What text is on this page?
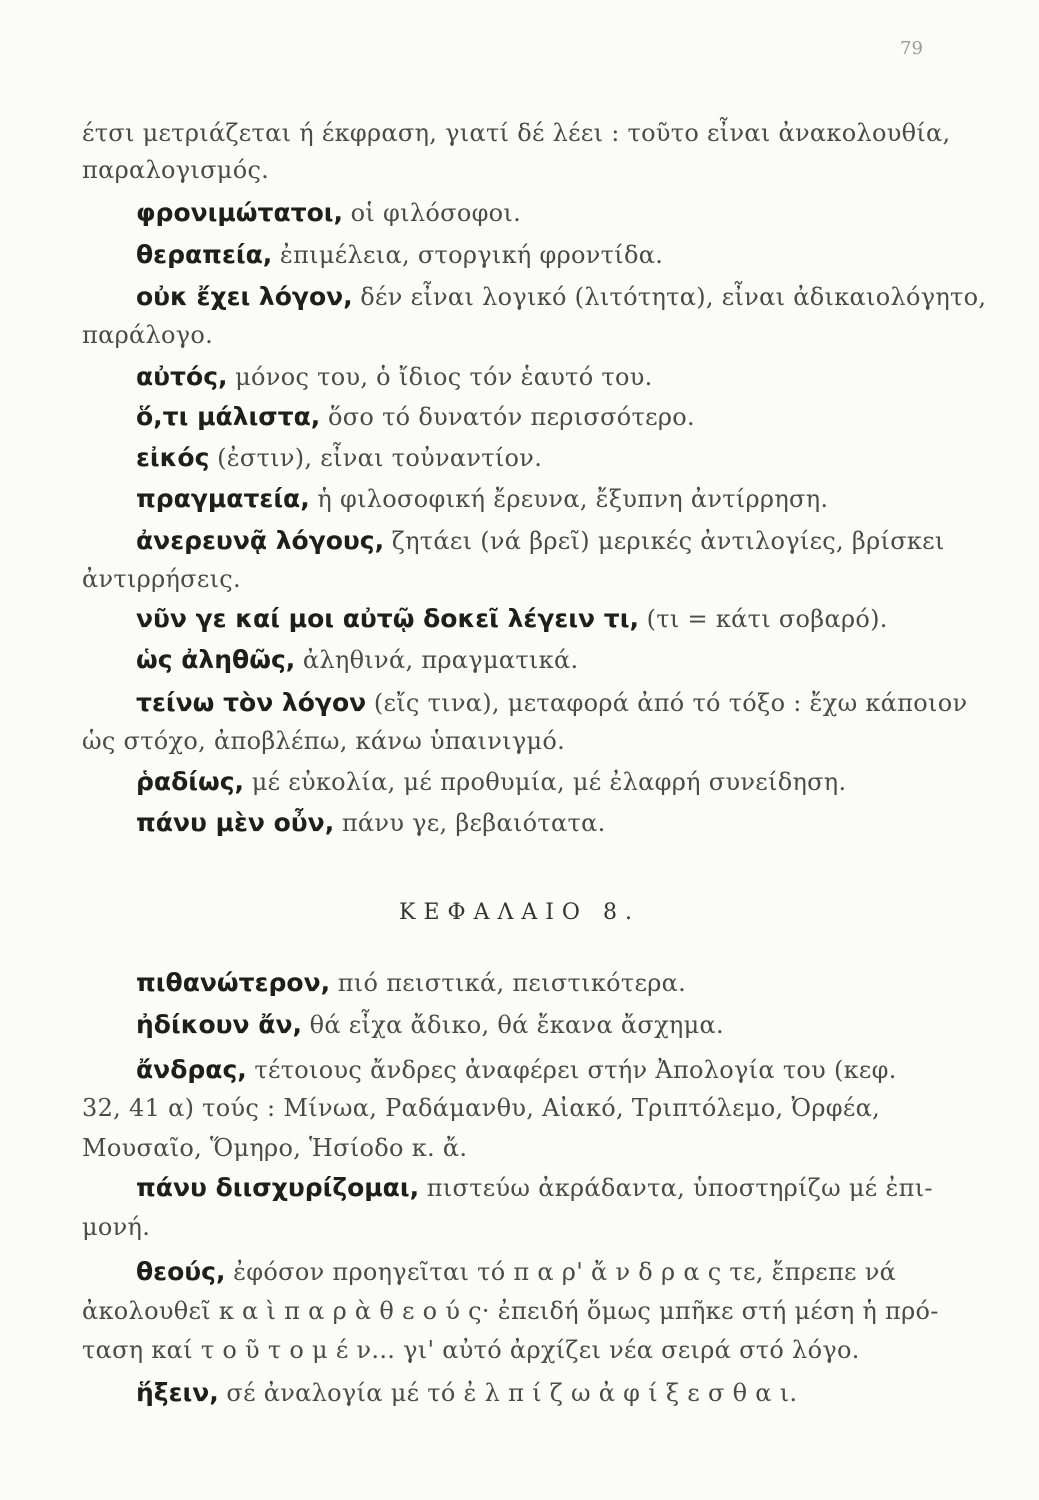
79
έτσι μετριάζεται ή έκφραση, γιατί δέ λέει : τοῦτο εἶναι ἀνακολουθία,
παραλογισμός.
φρονιμώτατοι, οἱ φιλόσοφοι.
θεραπεία, ἐπιμέλεια, στοργική φροντίδα.
οὐκ ἔχει λόγον, δέν εἶναι λογικό (λιτότητα), εἶναι ἀδικαιολόγητο,
παράλογο.
αὐτός, μόνος του, ὁ ἴδιος τόν ἑαυτό του.
ὅ,τι μάλιστα, ὅσο τό δυνατόν περισσότερο.
εἰκός (ἐστιν), εἶναι τοὐναντίον.
πραγματεία, ἡ φιλοσοφική ἔρευνα, ἔξυπνη ἀντίρρηση.
ἀνερευνᾷ λόγους, ζητάει (νά βρεῖ) μερικές ἀντιλογίες, βρίσκει
ἀντιρρήσεις.
νῦν γε καί μοι αὐτῷ δοκεῖ λέγειν τι, (τι = κάτι σοβαρό).
ὡς ἀληθῶς, ἀληθινά, πραγματικά.
τείνω τὸν λόγον (εἴς τινα), μεταφορά ἀπό τό τόξο : ἔχω κάποιον
ὡς στόχο, ἀποβλέπω, κάνω ὑπαινιγμό.
ῥαδίως, μέ εὐκολία, μέ προθυμία, μέ ἐλαφρή συνείδηση.
πάνυ μὲν οὖν, πάνυ γε, βεβαιότατα.
ΚΕΦΑΛΑΙΟ 8.
πιθανώτερον, πιό πειστικά, πειστικότερα.
ἠδίκουν ἄν, θά εἶχα ἄδικο, θά ἔκανα ἄσχημα.
ἄνδρας, τέτοιους ἄνδρες ἀναφέρει στήν Ἀπολογία του (κεφ.
32, 41 α) τούς : Μίνωα, Ραδάμανθυ, Αἰακό, Τριπτόλεμο, Ὀρφέα,
Μουσαῖο, Ὅμηρο, Ἡσίοδο κ. ἄ.
πάνυ διισχυρίζομαι, πιστεύω ἀκράδαντα, ὑποστηρίζω μέ ἐπι-
μονή.
θεούς, ἐφόσον προηγεῖται τό π α ρ' ἄ ν δ ρ α ς τε, ἔπρεπε νά
ἀκολουθεῖ κ α ὶ π α ρ ὰ θ ε ο ύ ς· ἐπειδή ὅμως μπῆκε στή μέση ἡ πρό-
ταση καί τ ο ῦ τ ο μ έ ν... γι' αὐτό ἀρχίζει νέα σειρά στό λόγο.
ἥξειν, σέ ἀναλογία μέ τό ἐ λ π ί ζ ω ἀ φ ί ξ ε σ θ α ι.
